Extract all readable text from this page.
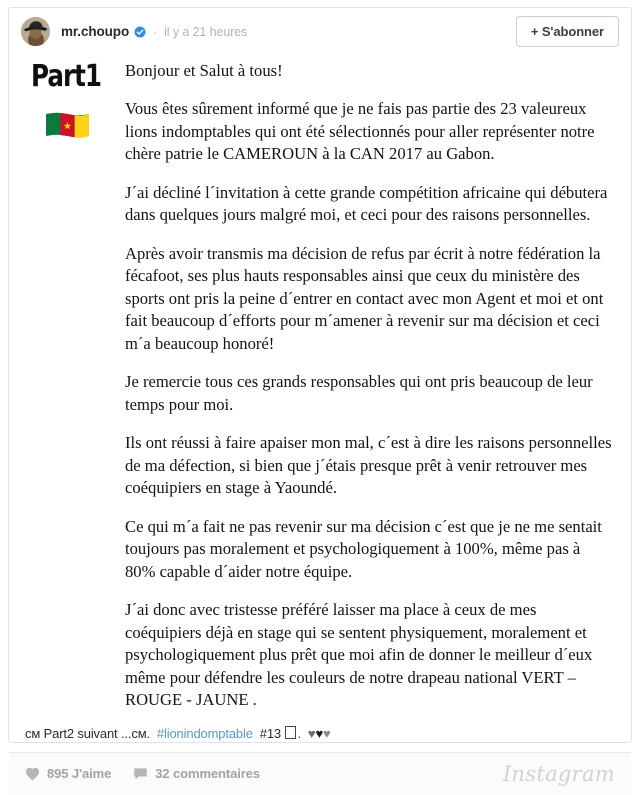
mr.choupo · il y a 21 heures	+ S'abonner
Part1	Bonjour et Salut à tous!

Vous êtes sûrement informé que je ne fais pas partie des 23 valeureux lions indomptables qui ont été sélectionnés pour aller représenter notre chère patrie le CAMEROUN à la CAN 2017 au Gabon.

J´ai décliné l´invitation à cette grande compétition africaine qui débutera dans quelques jours malgré moi, et ceci pour des raisons personnelles.

Après avoir transmis ma décision de refus par écrit à notre fédération la fécafoot, ses plus hauts responsables ainsi que ceux du ministère des sports ont pris la peine d´entrer en contact avec mon Agent et moi et ont fait beaucoup d´efforts pour m´amener à revenir sur ma décision et ceci m´a beaucoup honoré!

Je remercie tous ces grands responsables qui ont pris beaucoup de leur temps pour moi.

Ils ont réussi à faire apaiser mon mal, c´est à dire les raisons personnelles de ma défection, si bien que j´étais presque prêt à venir retrouver mes coéquipiers en stage à Yaoundé.

Ce qui m´a fait ne pas revenir sur ma décision c´est que je ne me sentait toujours pas moralement et psychologiquement à 100%, même pas à 80% capable d´aider notre équipe.

J´ai donc avec tristesse préféré laisser ma place à ceux de mes coéquipiers déjà en stage qui se sentent physiquement, moralement et psychologiquement plus prêt que moi afin de donner le meilleur d´eux même pour défendre les couleurs de notre drapeau national VERT – ROUGE - JAUNE .

см Part2 suivant ...см. #lionindomptable #13 . ♥♥♥
895 J'aime	32 commentaires	Instagram
